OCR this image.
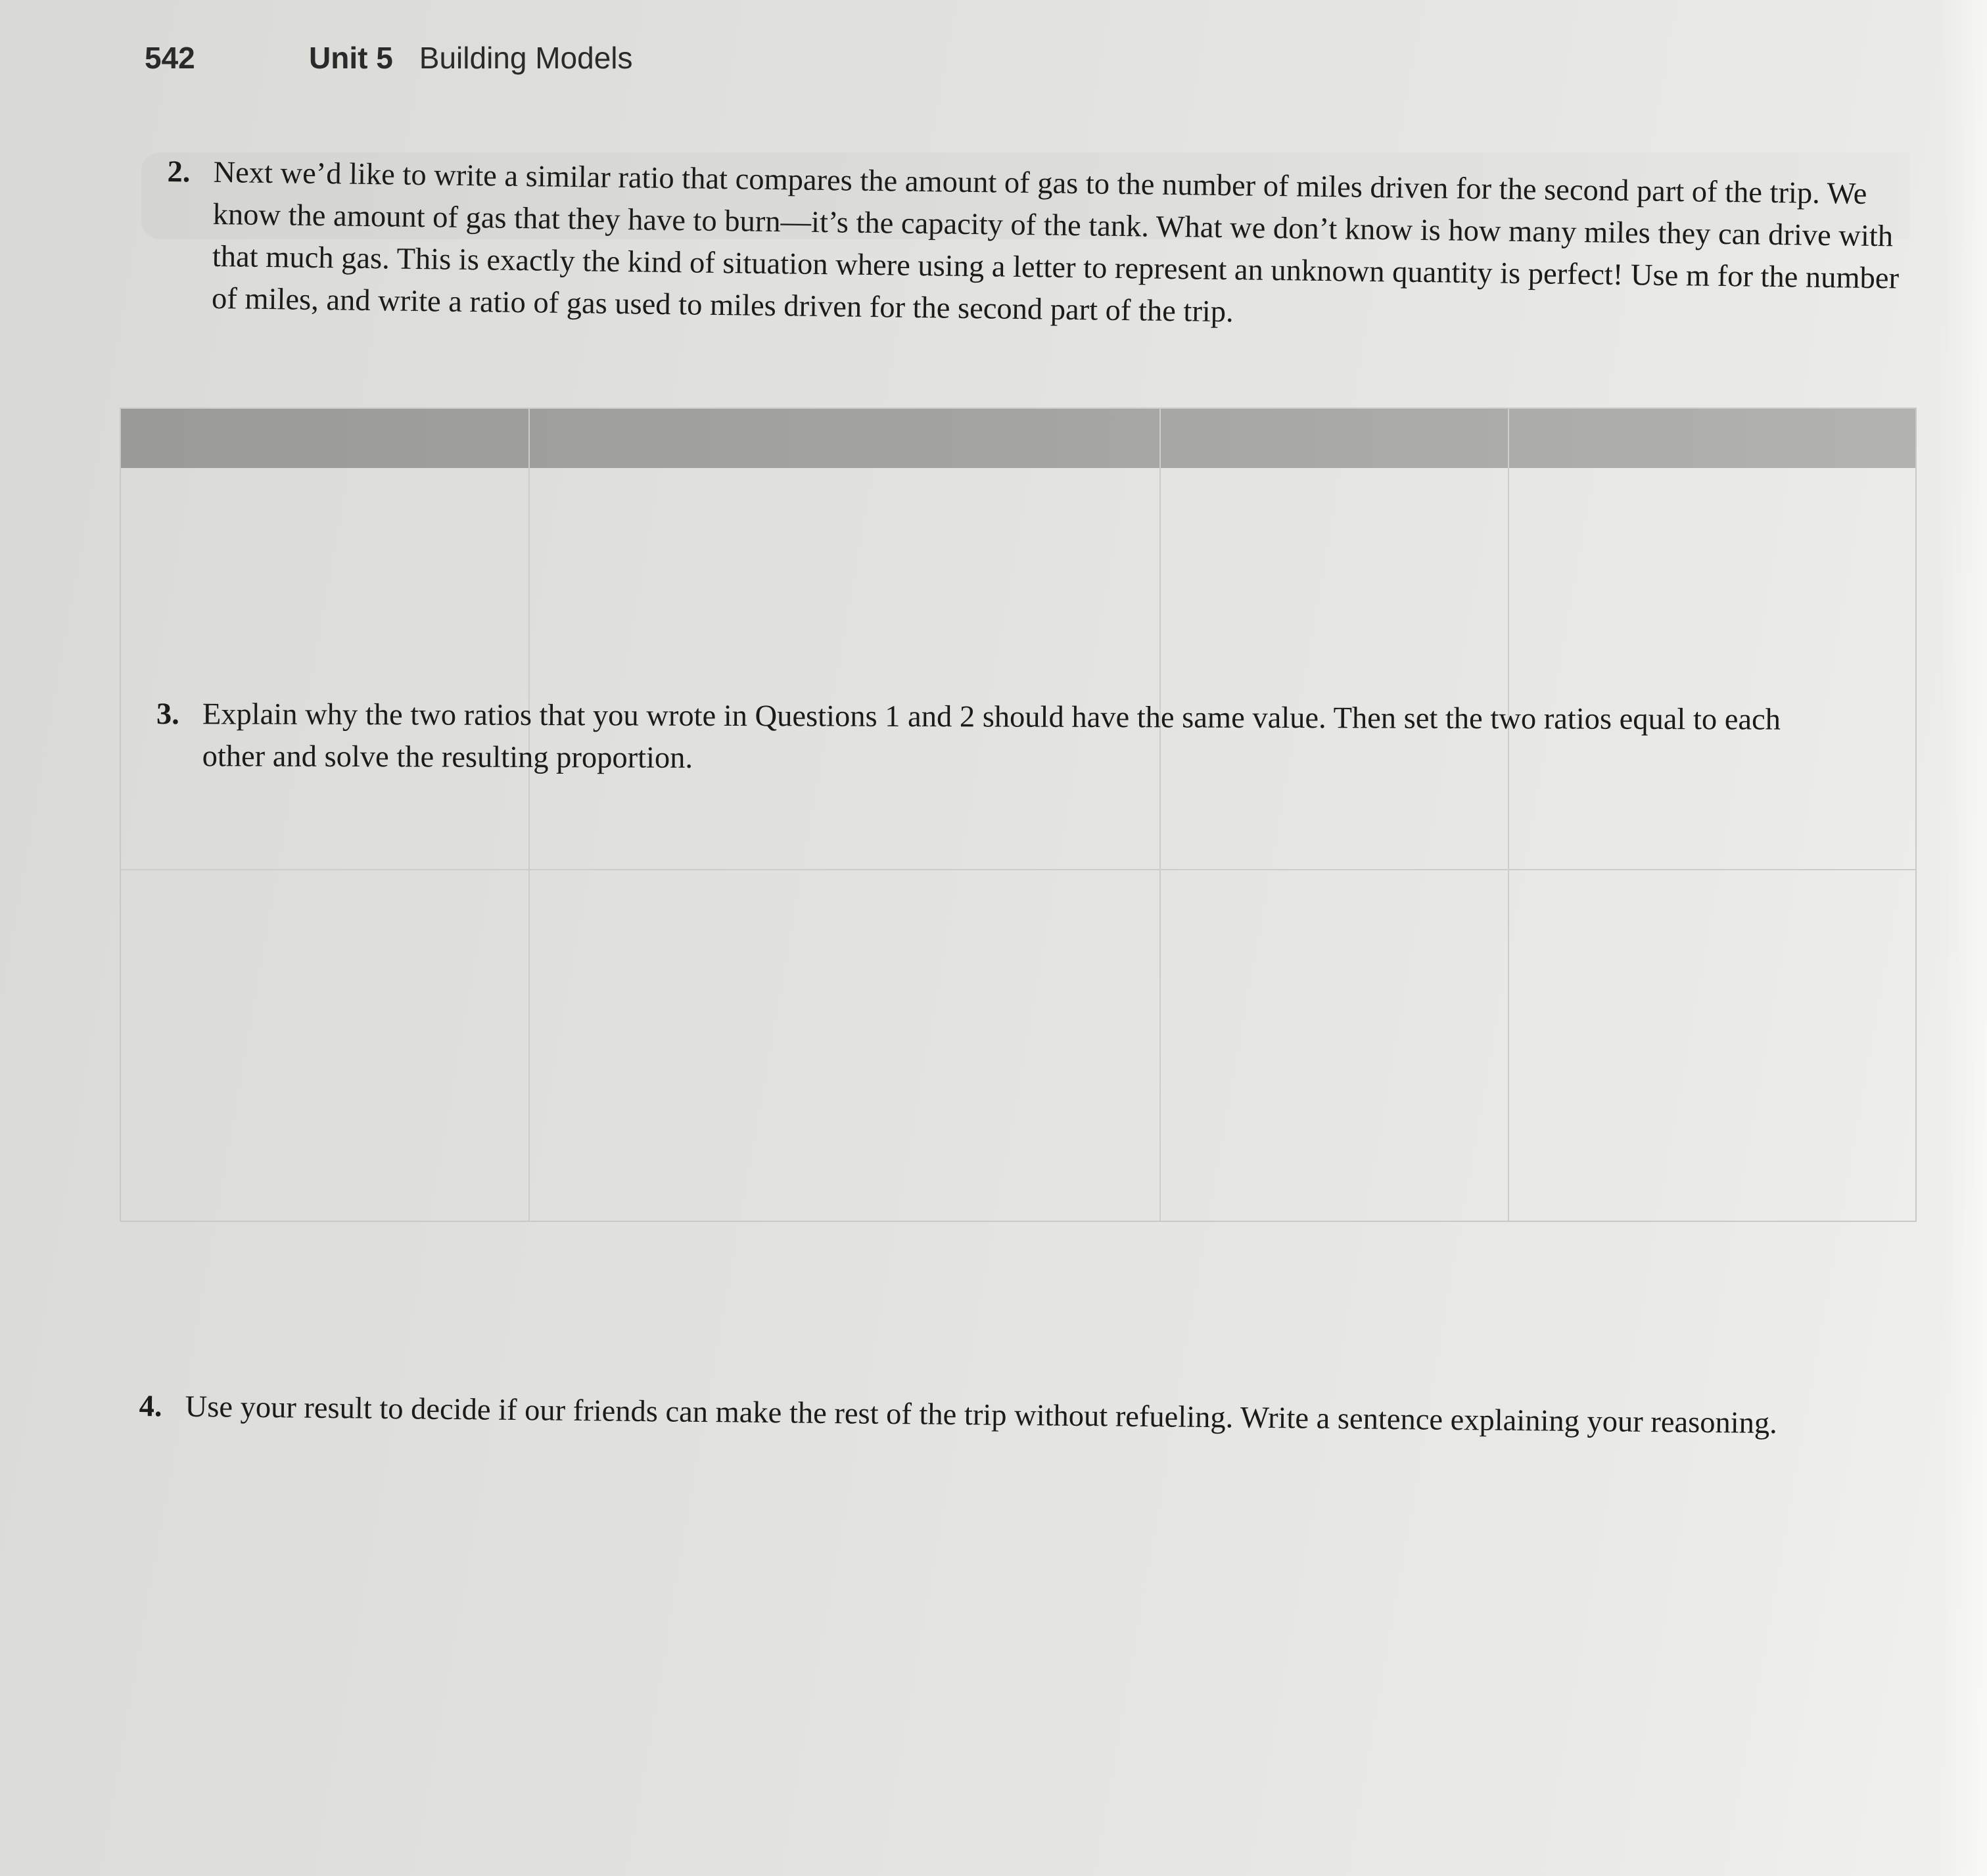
542	Unit 5 Building Models
2. Next we’d like to write a similar ratio that compares the amount of gas to the number of miles driven for the second part of the trip. We know the amount of gas that they have to burn—it’s the capacity of the tank. What we don’t know is how many miles they can drive with that much gas. This is exactly the kind of situation where using a letter to represent an unknown quantity is perfect! Use m for the number of miles, and write a ratio of gas used to miles driven for the second part of the trip.
3. Explain why the two ratios that you wrote in Questions 1 and 2 should have the same value. Then set the two ratios equal to each other and solve the resulting proportion.
4. Use your result to decide if our friends can make the rest of the trip without refueling. Write a sentence explaining your reasoning.
